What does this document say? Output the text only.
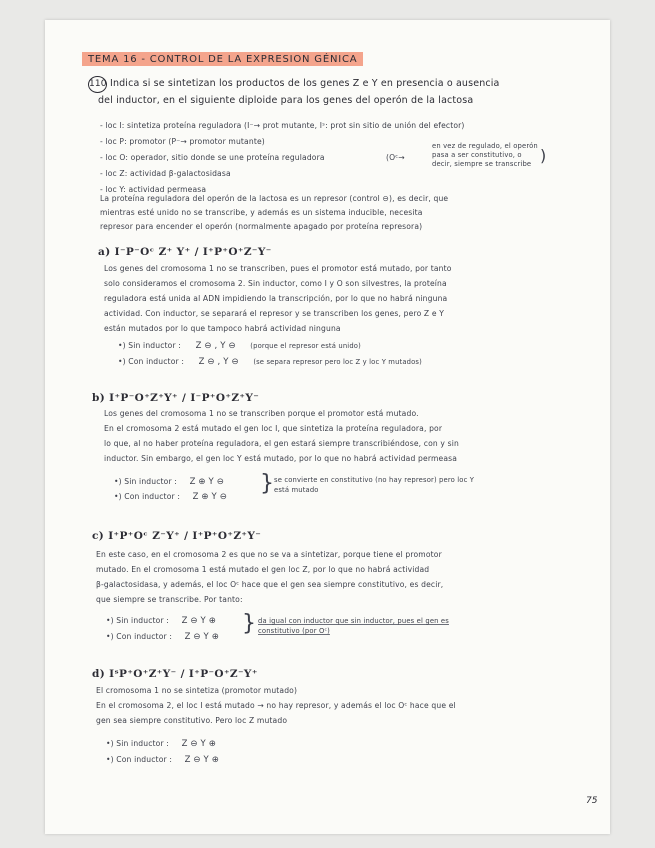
TEMA 16 - CONTROL DE LA EXPRESION GÉNICA
110 Indica si se sintetizan los productos de los genes Z e Y en presencia o ausencia
del inductor, en el siguiente diploide para los genes del operón de la lactosa
- loc I: sintetiza proteína reguladora (I⁻→ prot mutante, Iˢ: prot sin sitio de unión del efector)
- loc P: promotor (P⁻→ promotor mutante)
- loc O: operador, sitio donde se une proteína reguladora	(Oᶜ→
en vez de regulado, el operón
pasa a ser constitutivo, o
decir, siempre se transcribe )
- loc Z: actividad β-galactosidasa
- loc Y: actividad permeasa
La proteína reguladora del operón de la lactosa es un represor (control ⊖), es decir, que
mientras esté unido no se transcribe, y además es un sistema inducible, necesita
represor para encender el operón (normalmente apagado por proteína represora)
a) I⁻P⁻Oᶜ Z⁺ Y⁺ / I⁺P⁺O⁺Z⁻Y⁻
Los genes del cromosoma 1 no se transcriben, pues el promotor está mutado, por tanto
solo consideramos el cromosoma 2. Sin inductor, como I y O son silvestres, la proteína
reguladora está unida al ADN impidiendo la transcripción, por lo que no habrá ninguna
actividad. Con inductor, se separará el represor y se transcriben los genes, pero Z e Y
están mutados por lo que tampoco habrá actividad ninguna
•) Sin inductor : Z ⊖ , Y ⊖ (porque el represor está unido)
•) Con inductor : Z ⊖ , Y ⊖ (se separa represor pero loc Z y loc Y mutados)
b) I⁺P⁻O⁺Z⁺Y⁺ / I⁻P⁺O⁺Z⁺Y⁻
Los genes del cromosoma 1 no se transcriben porque el promotor está mutado.
En el cromosoma 2 está mutado el gen loc I, que sintetiza la proteína reguladora, por
lo que, al no haber proteína reguladora, el gen estará siempre transcribiéndose, con y sin
inductor. Sin embargo, el gen loc Y está mutado, por lo que no habrá actividad permeasa
•) Sin inductor : Z ⊕ Y ⊖
•) Con inductor : Z ⊕ Y ⊖
} se convierte en constitutivo (no hay represor) pero loc Y
está mutado
c) I⁺P⁺Oᶜ Z⁻Y⁺ / I⁺P⁺O⁺Z⁺Y⁻
En este caso, en el cromosoma 2 es que no se va a sintetizar, porque tiene el promotor
mutado. En el cromosoma 1 está mutado el gen loc Z, por lo que no habrá actividad
β-galactosidasa, y además, el loc Oᶜ hace que el gen sea siempre constitutivo, es decir,
que siempre se transcribe. Por tanto:
•) Sin inductor : Z ⊖ Y ⊕
•) Con inductor : Z ⊖ Y ⊕
} da igual con inductor que sin inductor, pues el gen es
constitutivo (por Oᶜ)
d) IˢP⁺O⁺Z⁺Y⁻ / I⁺P⁻O⁺Z⁻Y⁺
El cromosoma 1 no se sintetiza (promotor mutado)
En el cromosoma 2, el loc I está mutado → no hay represor, y además el loc Oᶜ hace que el
gen sea siempre constitutivo. Pero loc Z mutado
•) Sin inductor : Z ⊖ Y ⊕
•) Con inductor : Z ⊖ Y ⊕
75
